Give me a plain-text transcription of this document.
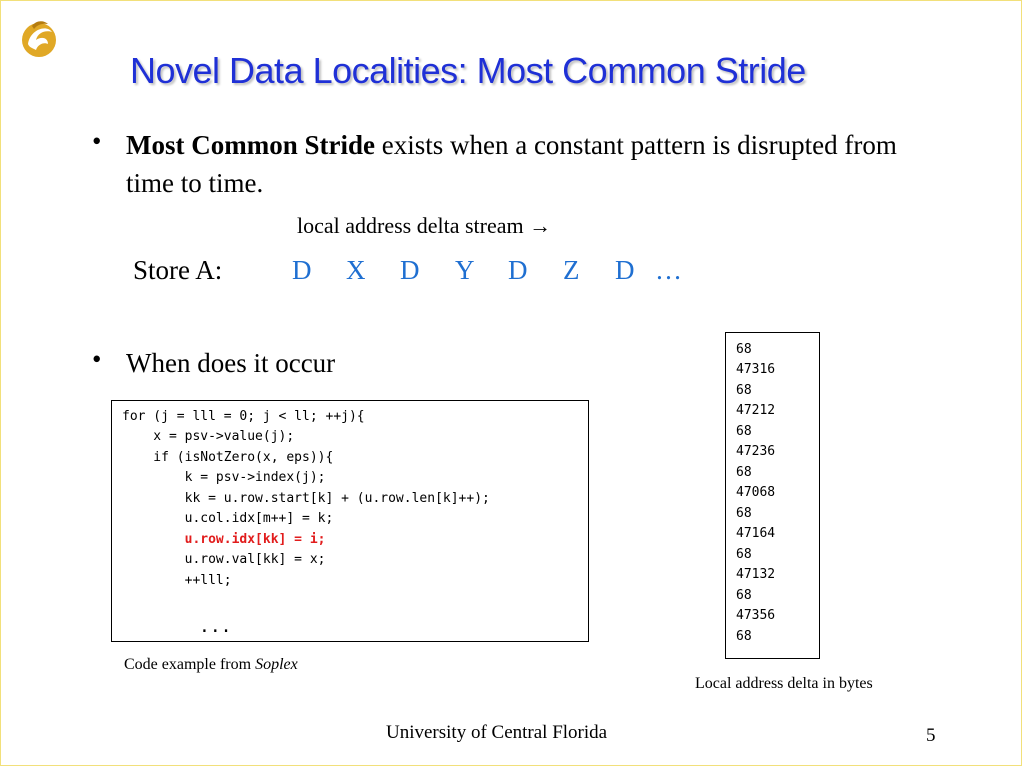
Novel Data Localities: Most Common Stride
• Most Common Stride exists when a constant pattern is disrupted from time to time.
local address delta stream →
Store A:	D X D Y D Z D …
• When does it occur
for (j = lll = 0; j < ll; ++j){
x = psv->value(j);
if (isNotZero(x, eps)){
k = psv->index(j);
kk = u.row.start[k] + (u.row.len[k]++);
u.col.idx[m++] = k;
u.row.idx[kk] = i;
u.row.val[kk] = x;
++lll;
...
Code example from Soplex
68
47316
68
47212
68
47236
68
47068
68
47164
68
47132
68
47356
68
Local address delta in bytes
University of Central Florida	5
